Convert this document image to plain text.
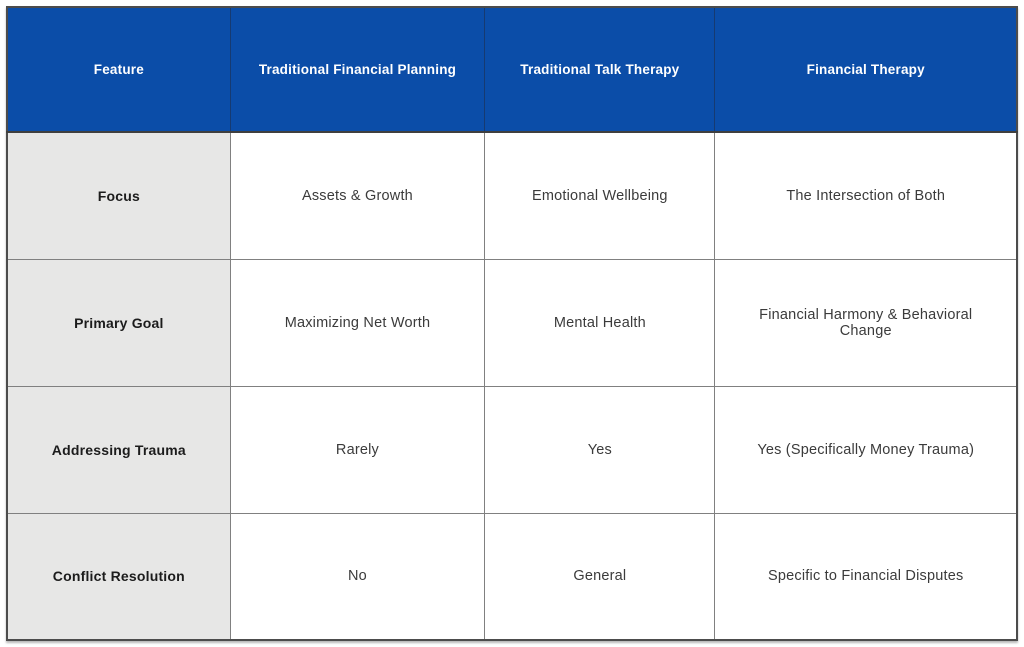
Feature	Traditional Financial Planning	Traditional Talk Therapy	Financial Therapy
Focus	Assets & Growth	Emotional Wellbeing	The Intersection of Both
Primary Goal	Maximizing Net Worth	Mental Health	Financial Harmony & Behavioral Change
Addressing Trauma	Rarely	Yes	Yes (Specifically Money Trauma)
Conflict Resolution	No	General	Specific to Financial Disputes
